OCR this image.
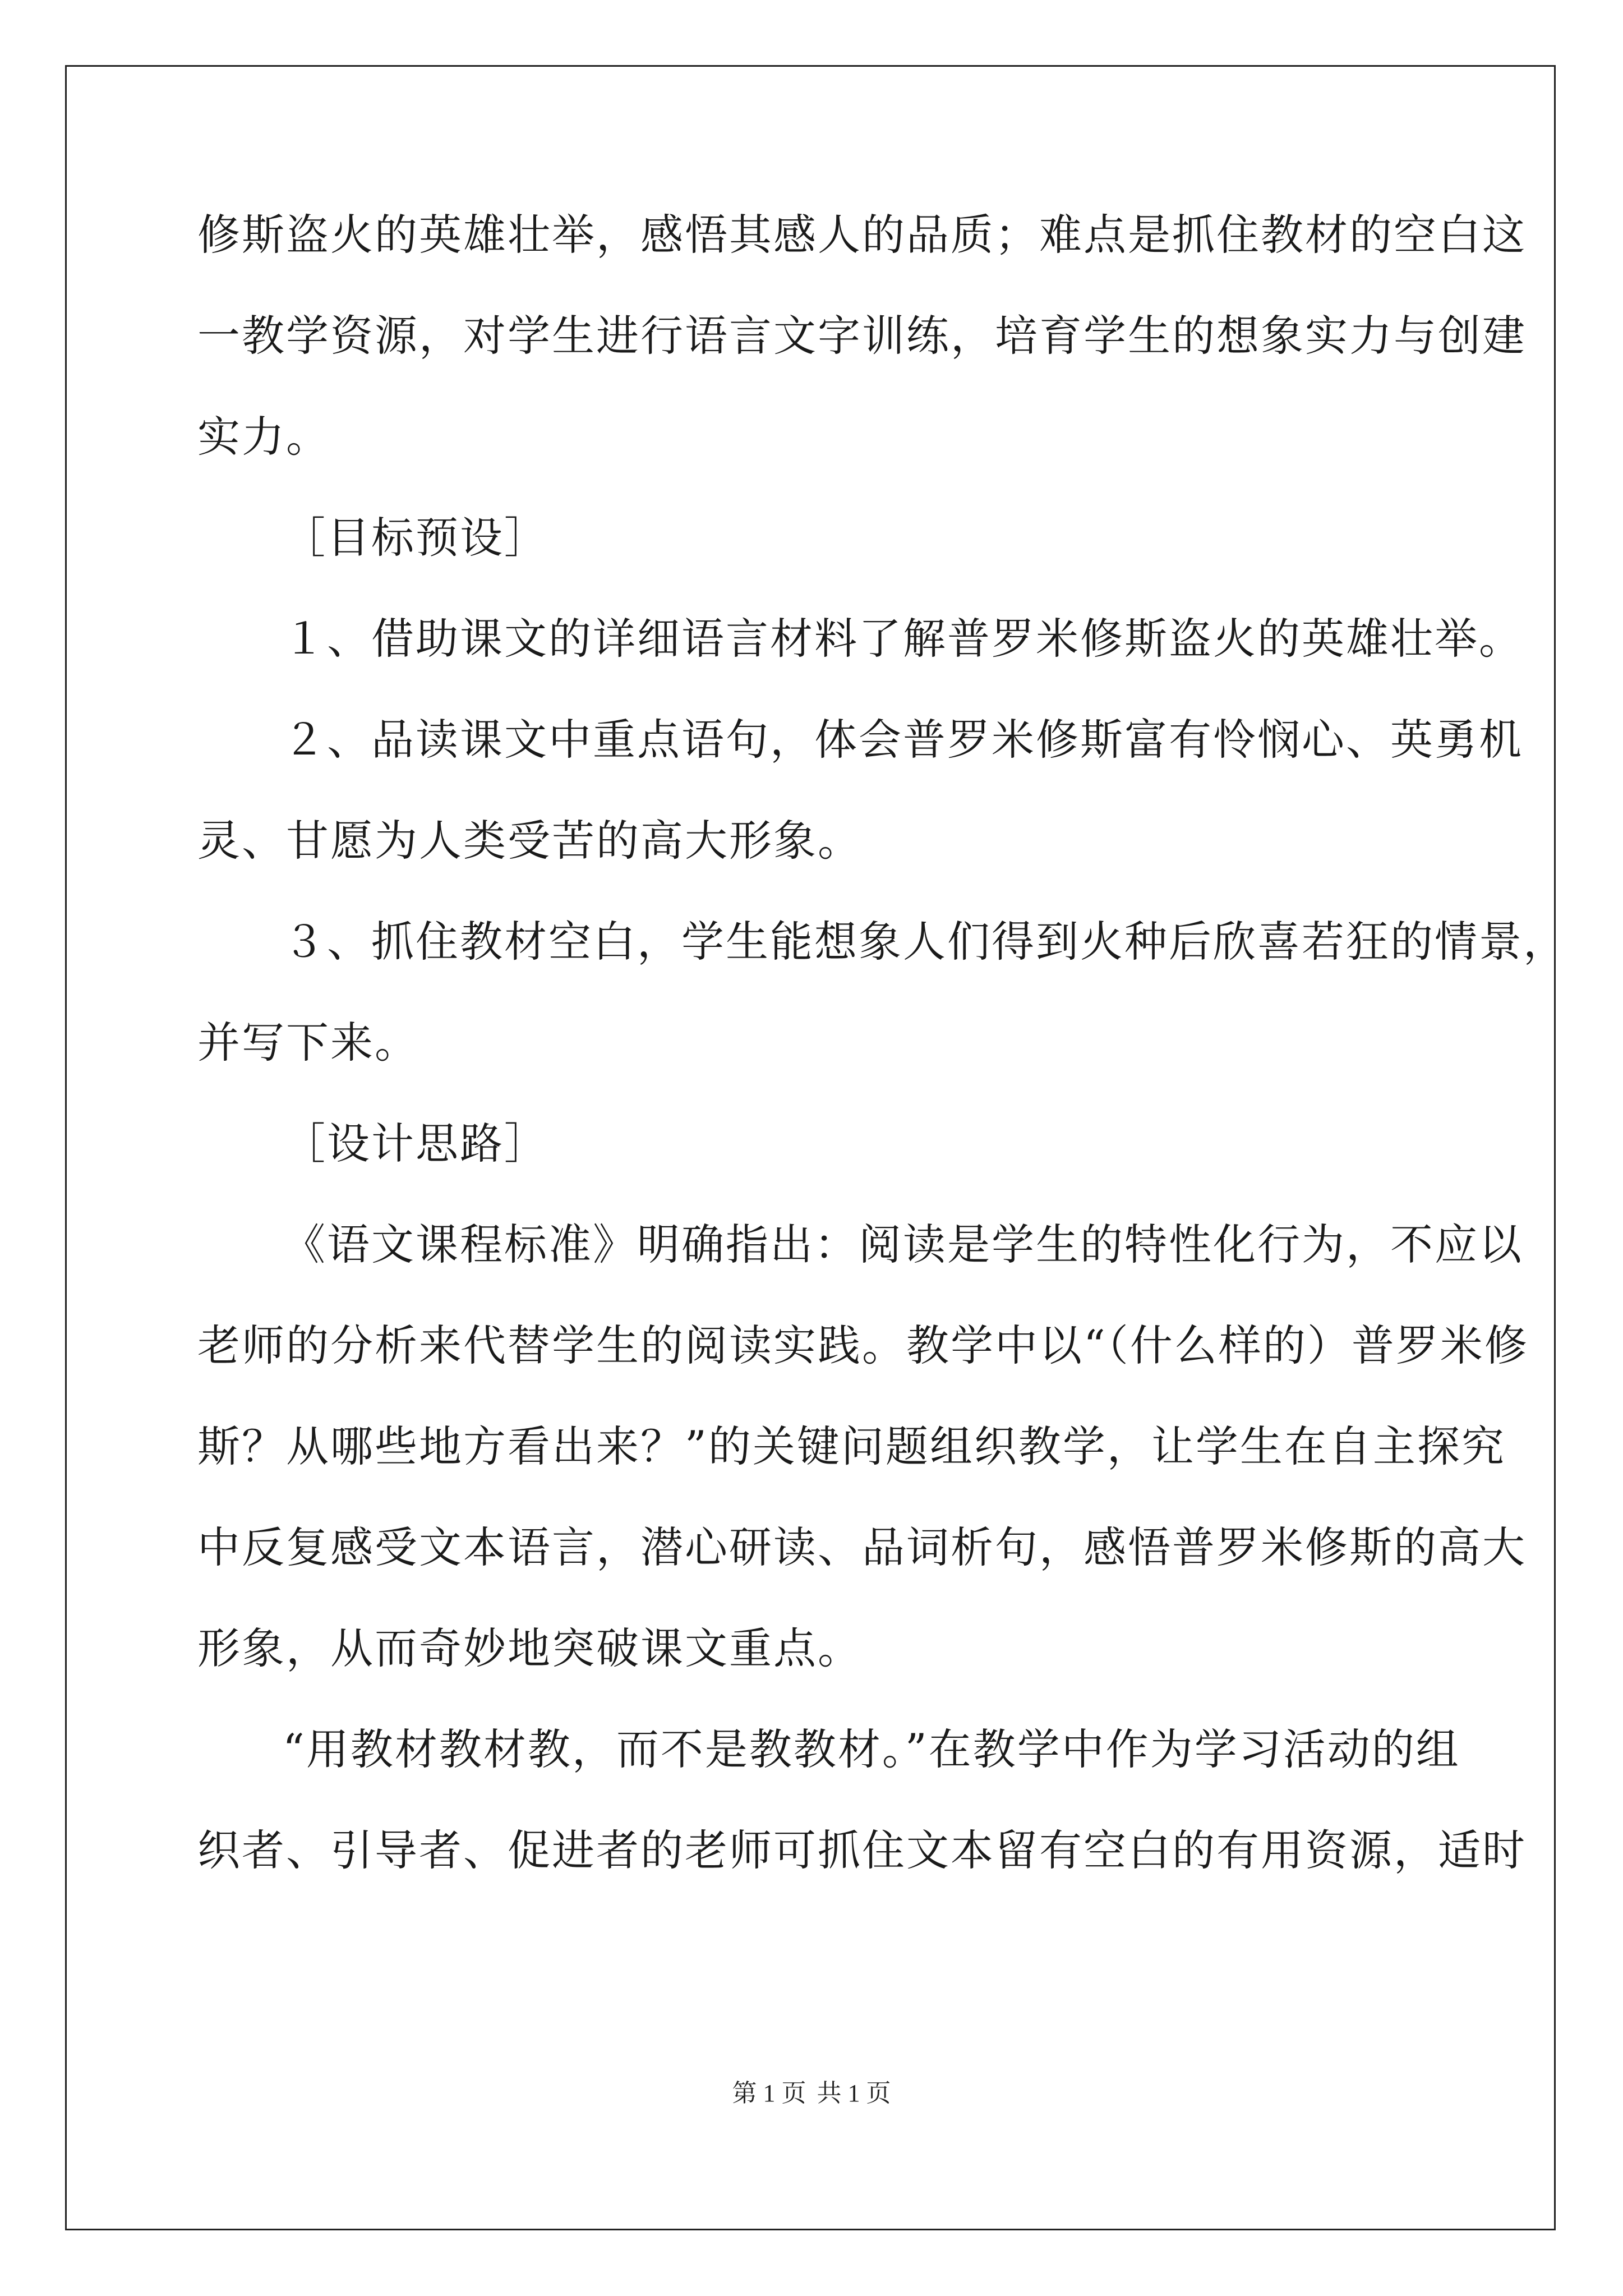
修斯盗火的英雄壮举，感悟其感人的品质；难点是抓住教材的空白这
一教学资源，对学生进行语言文字训练，培育学生的想象实力与创建
实力。
［目标预设］
１、借助课文的详细语言材料了解普罗米修斯盗火的英雄壮举。
２、品读课文中重点语句，体会普罗米修斯富有怜悯心、英勇机
灵、甘愿为人类受苦的高大形象。
３、抓住教材空白，学生能想象人们得到火种后欣喜若狂的情景，
并写下来。
［设计思路］
《语文课程标准》明确指出：阅读是学生的特性化行为，不应以
老师的分析来代替学生的阅读实践。教学中以“（什么样的）普罗米修
斯？从哪些地方看出来？”的关键问题组织教学，让学生在自主探究
中反复感受文本语言，潜心研读、品词析句，感悟普罗米修斯的高大
形象，从而奇妙地突破课文重点。
“用教材教材教，而不是教教材。”在教学中作为学习活动的组
织者、引导者、促进者的老师可抓住文本留有空白的有用资源，适时
第 1 页 共 1 页
